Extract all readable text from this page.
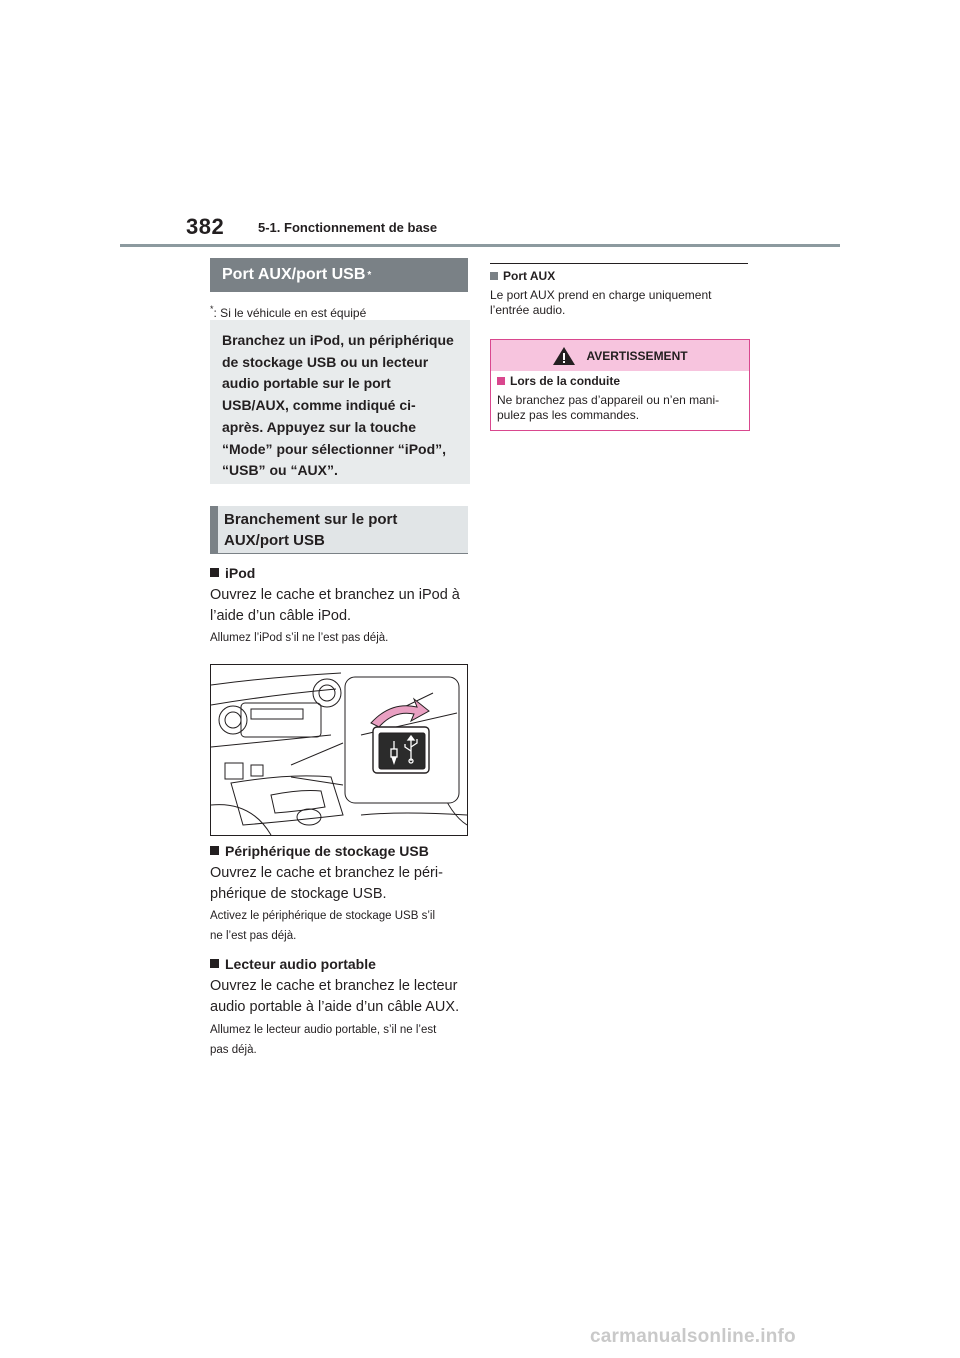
382	5-1. Fonctionnement de base
Port AUX/port USB *
*: Si le véhicule en est équipé
Branchez un iPod, un périphérique
de stockage USB ou un lecteur
audio portable sur le port
USB/AUX, comme indiqué ci-
après. Appuyez sur la touche
“Mode” pour sélectionner “iPod”,
“USB” ou “AUX”.
Branchement sur le port
AUX/port USB
iPod
Ouvrez le cache et branchez un iPod à
l’aide d’un câble iPod.
Allumez l’iPod s’il ne l’est pas déjà.
Périphérique de stockage USB
Ouvrez le cache et branchez le péri-
phérique de stockage USB.
Activez le périphérique de stockage USB s’il
ne l’est pas déjà.
Lecteur audio portable
Ouvrez le cache et branchez le lecteur
audio portable à l’aide d’un câble AUX.
Allumez le lecteur audio portable, s’il ne l’est
pas déjà.
Port AUX
Le port AUX prend en charge uniquement
l’entrée audio.
AVERTISSEMENT
Lors de la conduite
Ne branchez pas d’appareil ou n’en mani-
pulez pas les commandes.
carmanualsonline.info
